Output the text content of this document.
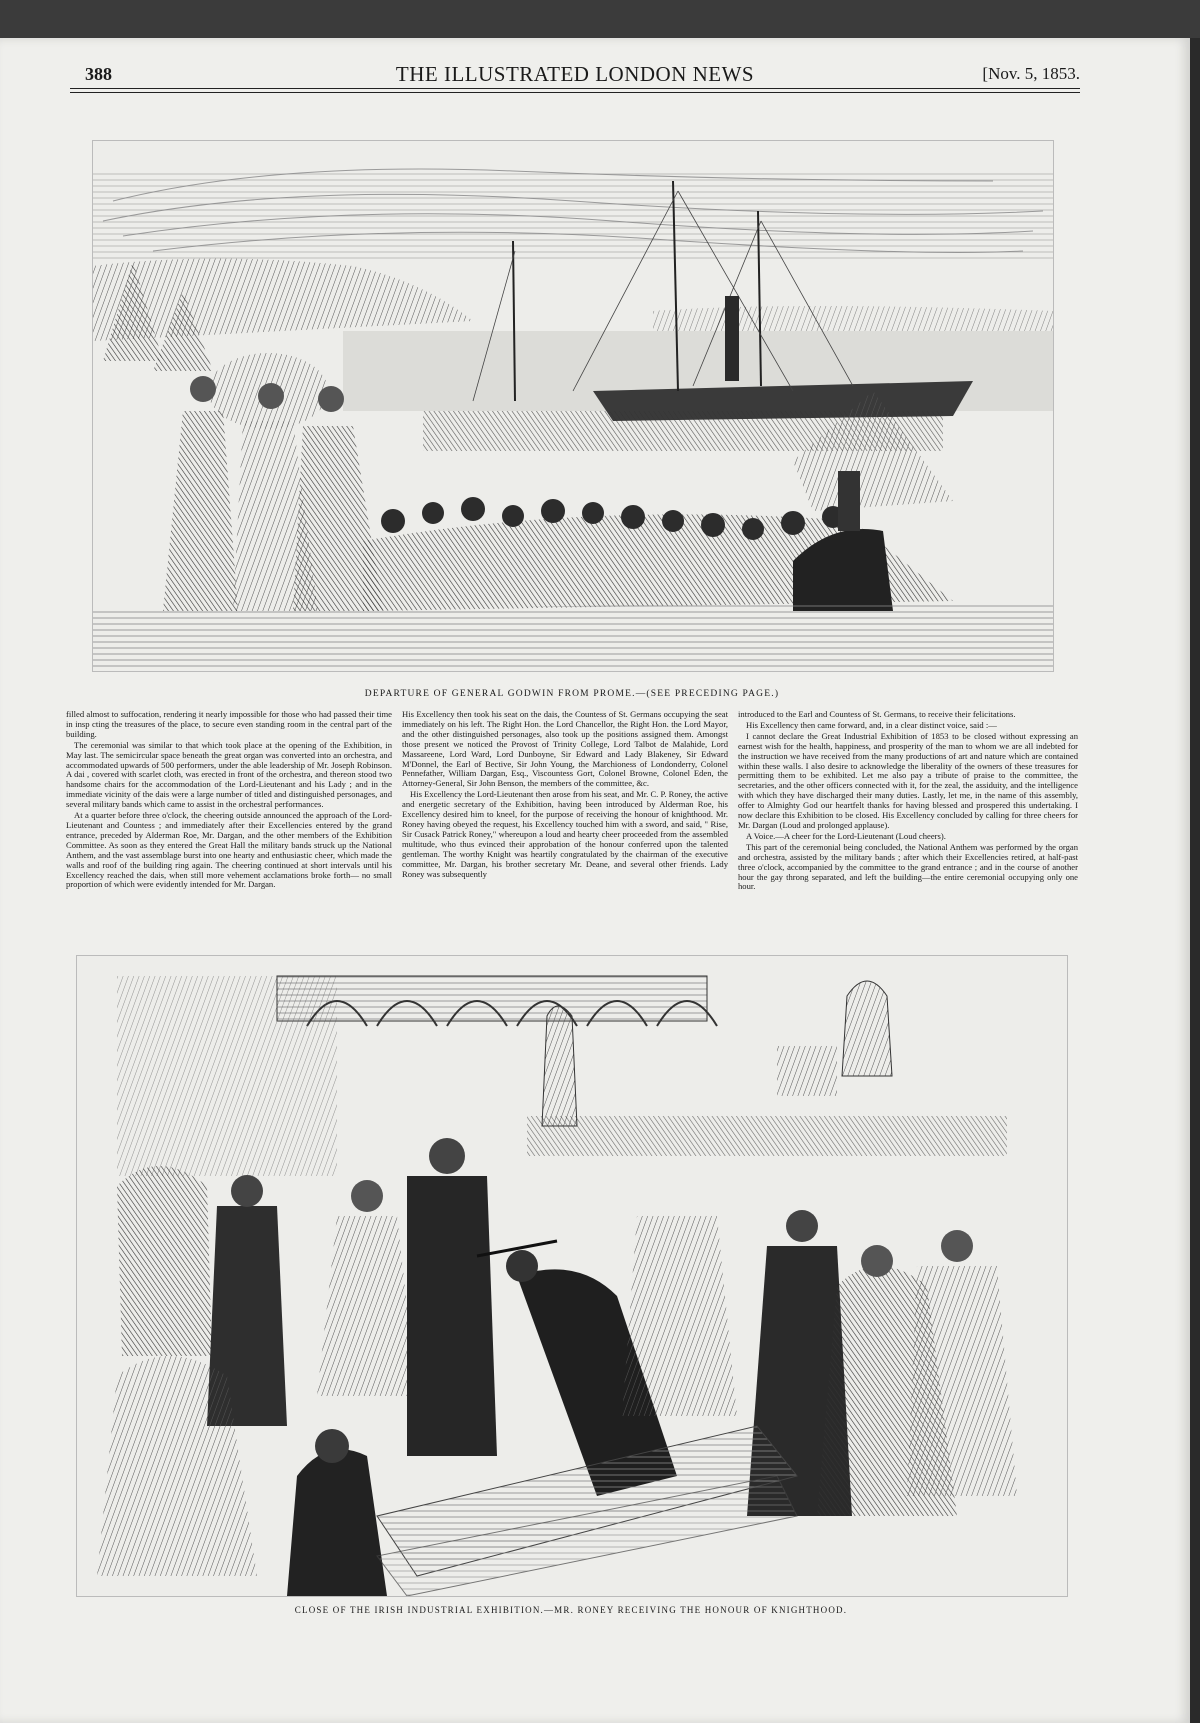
388	THE ILLUSTRATED LONDON NEWS	[Nov. 5, 1853.
DEPARTURE OF GENERAL GODWIN FROM PROME.—(SEE PRECEDING PAGE.)

filled almost to suffocation, rendering it nearly impossible for those who had passed their time in insp cting the treasures of the place, to secure even standing room in the central part of the building.

The ceremonial was similar to that which took place at the opening of the Exhibition, in May last. The semicircular space beneath the great organ was converted into an orchestra, and accommodated upwards of 500 performers, under the able leadership of Mr. Joseph Robinson. A dai , covered with scarlet cloth, was erected in front of the orchestra, and thereon stood two handsome chairs for the accommodation of the Lord-Lieutenant and his Lady ; and in the immediate vicinity of the dais were a large number of titled and distinguished personages, and several military bands which came to assist in the orchestral performances.

At a quarter before three o'clock, the cheering outside announced the approach of the Lord-Lieutenant and Countess ; and immediately after their Excellencies entered by the grand entrance, preceded by Alderman Roe, Mr. Dargan, and the other members of the Exhibition Committee. As soon as they entered the Great Hall the military bands struck up the National Anthem, and the vast assemblage burst into one hearty and enthusiastic cheer, which made the walls and roof of the building ring again. The cheering continued at short intervals until his Excellency reached the dais, when still more vehement acclamations broke forth— no small proportion of which were evidently intended for Mr. Dargan.

His Excellency then took his seat on the dais, the Countess of St. Germans occupying the seat immediately on his left. The Right Hon. the Lord Chancellor, the Right Hon. the Lord Mayor, and the other distinguished personages, also took up the positions assigned them. Amongst those present we noticed the Provost of Trinity College, Lord Talbot de Malahide, Lord Massareene, Lord Ward, Lord Dunboyne, Sir Edward and Lady Blakeney, Sir Edward M'Donnel, the Earl of Bective, Sir John Young, the Marchioness of Londonderry, Colonel Pennefather, William Dargan, Esq., Viscountess Gort, Colonel Browne, Colonel Eden, the Attorney-General, Sir John Benson, the members of the committee, &c.

His Excellency the Lord-Lieutenant then arose from his seat, and Mr. C. P. Roney, the active and energetic secretary of the Exhibition, having been introduced by Alderman Roe, his Excellency desired him to kneel, for the purpose of receiving the honour of knighthood. Mr. Roney having obeyed the request, his Excellency touched him with a sword, and said, " Rise, Sir Cusack Patrick Roney," whereupon a loud and hearty cheer proceeded from the assembled multitude, who thus evinced their approbation of the honour conferred upon the talented gentleman. The worthy Knight was heartily congratulated by the chairman of the executive committee, Mr. Dargan, his brother secretary Mr. Deane, and several other friends. Lady Roney was subsequently

introduced to the Earl and Countess of St. Germans, to receive their felicitations.

His Excellency then came forward, and, in a clear distinct voice, said :—

I cannot declare the Great Industrial Exhibition of 1853 to be closed without expressing an earnest wish for the health, happiness, and prosperity of the man to whom we are all indebted for the instruction we have received from the many productions of art and nature which are contained within these walls. I also desire to acknowledge the liberality of the owners of these treasures for permitting them to be exhibited. Let me also pay a tribute of praise to the committee, the secretaries, and the other officers connected with it, for the zeal, the assiduity, and the intelligence with which they have discharged their many duties. Lastly, let me, in the name of this assembly, offer to Almighty God our heartfelt thanks for having blessed and prospered this undertaking. I now declare this Exhibition to be closed. His Excellency concluded by calling for three cheers for Mr. Dargan (Loud and prolonged applause).

A Voice.—A cheer for the Lord-Lieutenant (Loud cheers).

This part of the ceremonial being concluded, the National Anthem was performed by the organ and orchestra, assisted by the military bands ; after which their Excellencies retired, at half-past three o'clock, accompanied by the committee to the grand entrance ; and in the course of another hour the gay throng separated, and left the building—the entire ceremonial occupying only one hour.

CLOSE OF THE IRISH INDUSTRIAL EXHIBITION.—MR. RONEY RECEIVING THE HONOUR OF KNIGHTHOOD.
